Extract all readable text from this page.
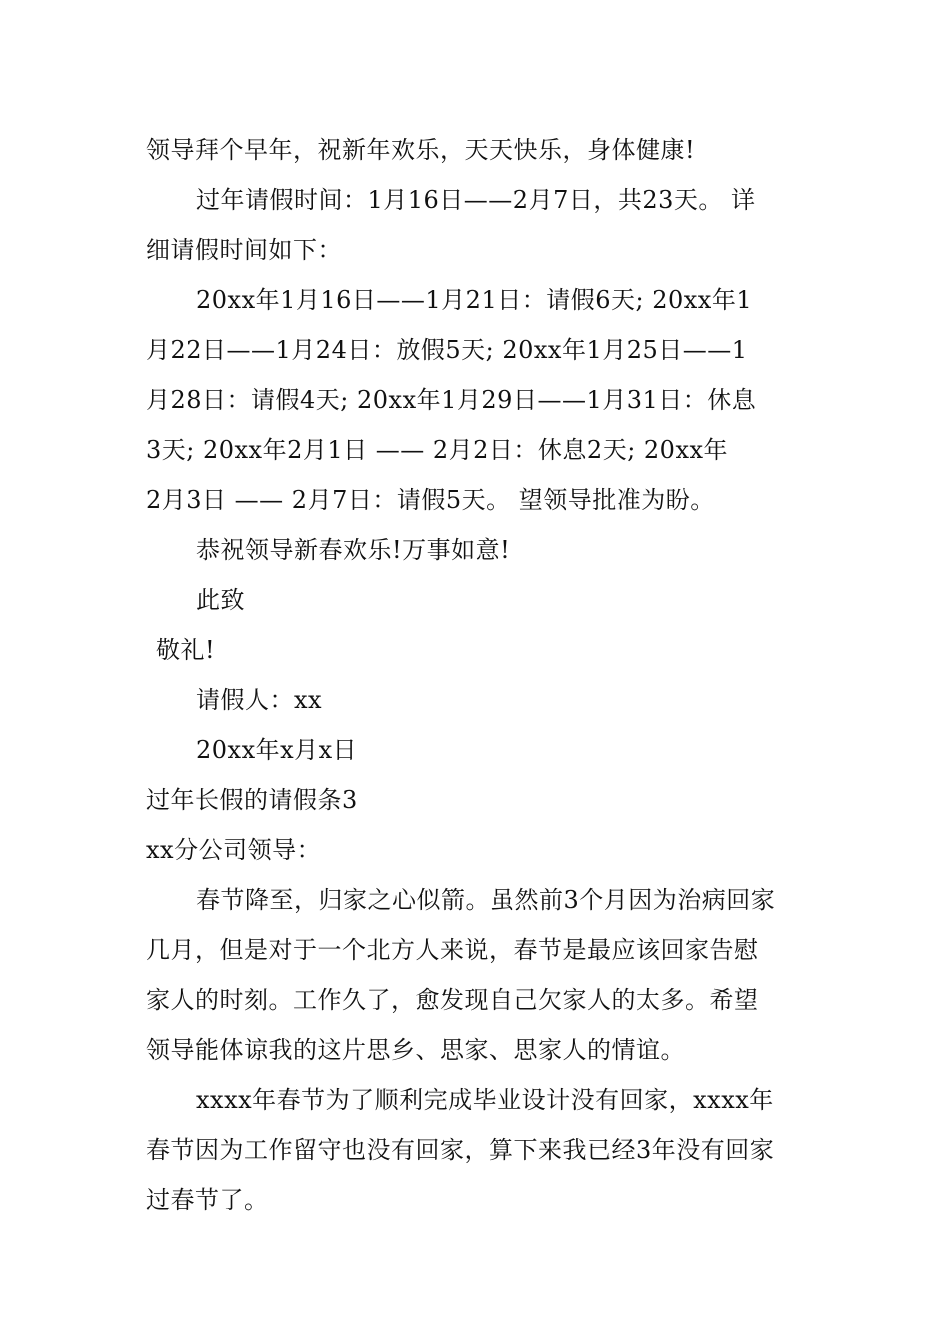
领导拜个早年，祝新年欢乐，天天快乐，身体健康!
过年请假时间：1月16日——2月7日，共23天。 详
细请假时间如下：
20xx年1月16日——1月21日：请假6天; 20xx年1
月22日——1月24日：放假5天; 20xx年1月25日——1
月28日：请假4天; 20xx年1月29日——1月31日：休息
3天; 20xx年2月1日 —— 2月2日：休息2天; 20xx年
2月3日 —— 2月7日：请假5天。 望领导批准为盼。
恭祝领导新春欢乐!万事如意!
此致
敬礼!
请假人：xx
20xx年x月x日
过年长假的请假条3
xx分公司领导：
春节降至，归家之心似箭。虽然前3个月因为治病回家
几月，但是对于一个北方人来说，春节是最应该回家告慰
家人的时刻。工作久了，愈发现自己欠家人的太多。希望
领导能体谅我的这片思乡、思家、思家人的情谊。
xxxx年春节为了顺利完成毕业设计没有回家，xxxx年
春节因为工作留守也没有回家，算下来我已经3年没有回家
过春节了。
